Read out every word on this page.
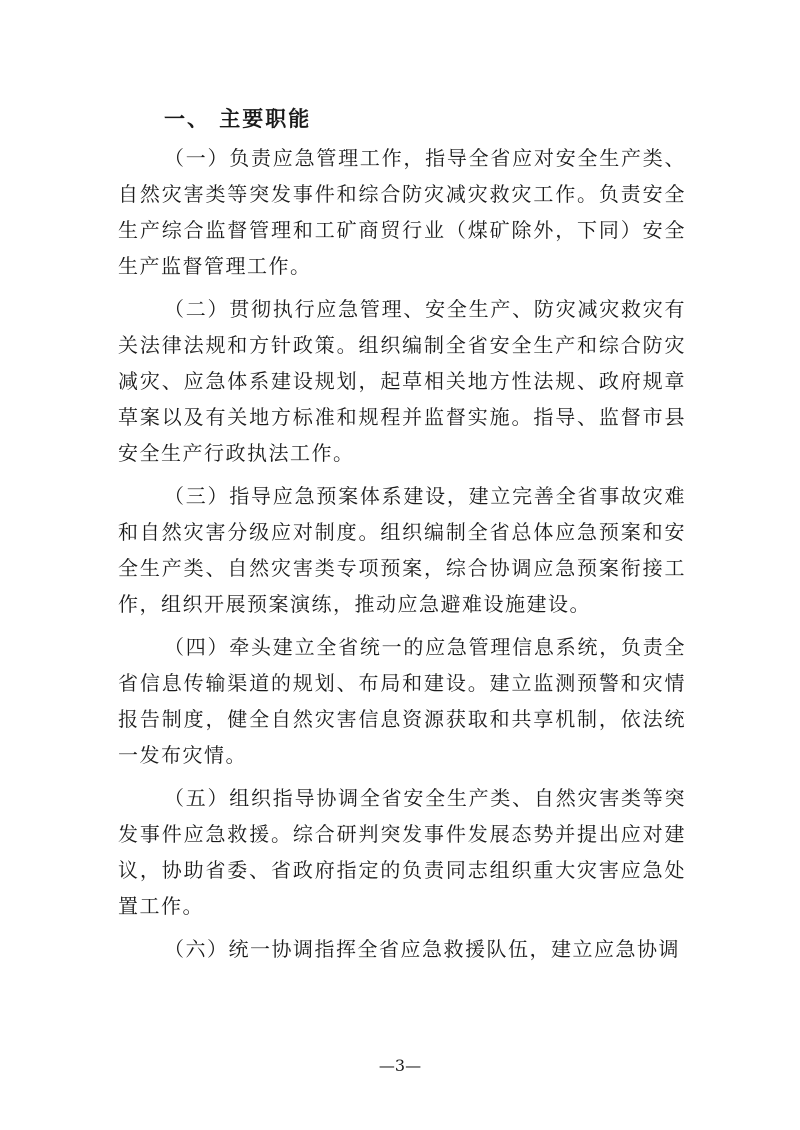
一、 主要职能

（一）负责应急管理工作，指导全省应对安全生产类、自然灾害类等突发事件和综合防灾减灾救灾工作。负责安全生产综合监督管理和工矿商贸行业（煤矿除外，下同）安全生产监督管理工作。

（二）贯彻执行应急管理、安全生产、防灾减灾救灾有关法律法规和方针政策。组织编制全省安全生产和综合防灾减灾、应急体系建设规划，起草相关地方性法规、政府规章草案以及有关地方标准和规程并监督实施。指导、监督市县安全生产行政执法工作。

（三）指导应急预案体系建设，建立完善全省事故灾难和自然灾害分级应对制度。组织编制全省总体应急预案和安全生产类、自然灾害类专项预案，综合协调应急预案衔接工作，组织开展预案演练，推动应急避难设施建设。

（四）牵头建立全省统一的应急管理信息系统，负责全省信息传输渠道的规划、布局和建设。建立监测预警和灾情报告制度，健全自然灾害信息资源获取和共享机制，依法统一发布灾情。

（五）组织指导协调全省安全生产类、自然灾害类等突发事件应急救援。综合研判突发事件发展态势并提出应对建议，协助省委、省政府指定的负责同志组织重大灾害应急处置工作。

（六）统一协调指挥全省应急救援队伍，建立应急协调

—3—
